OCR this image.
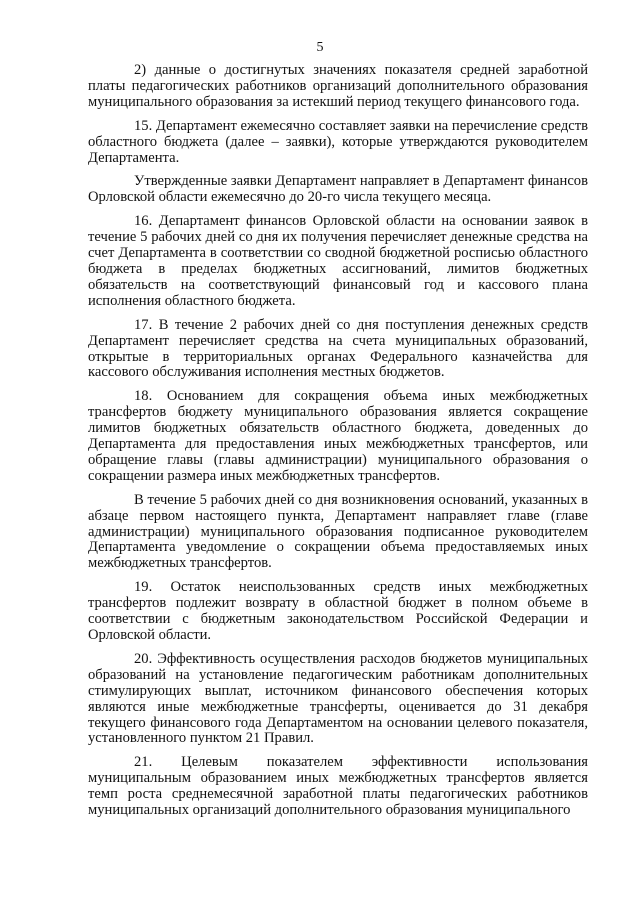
5

2) данные о достигнутых значениях показателя средней заработной платы педагогических работников организаций дополнительного образования муниципального образования за истекший период текущего финансового года.

15. Департамент ежемесячно составляет заявки на перечисление средств областного бюджета (далее – заявки), которые утверждаются руководителем Департамента.

Утвержденные заявки Департамент направляет в Департамент финансов Орловской области ежемесячно до 20-го числа текущего месяца.

16. Департамент финансов Орловской области на основании заявок в течение 5 рабочих дней со дня их получения перечисляет денежные средства на счет Департамента в соответствии со сводной бюджетной росписью областного бюджета в пределах бюджетных ассигнований, лимитов бюджетных обязательств на соответствующий финансовый год и кассового плана исполнения областного бюджета.

17. В течение 2 рабочих дней со дня поступления денежных средств Департамент перечисляет средства на счета муниципальных образований, открытые в территориальных органах Федерального казначейства для кассового обслуживания исполнения местных бюджетов.

18. Основанием для сокращения объема иных межбюджетных трансфертов бюджету муниципального образования является сокращение лимитов бюджетных обязательств областного бюджета, доведенных до Департамента для предоставления иных межбюджетных трансфертов, или обращение главы (главы администрации) муниципального образования о сокращении размера иных межбюджетных трансфертов.

В течение 5 рабочих дней со дня возникновения оснований, указанных в абзаце первом настоящего пункта, Департамент направляет главе (главе администрации) муниципального образования подписанное руководителем Департамента уведомление о сокращении объема предоставляемых иных межбюджетных трансфертов.

19. Остаток неиспользованных средств иных межбюджетных трансфертов подлежит возврату в областной бюджет в полном объеме в соответствии с бюджетным законодательством Российской Федерации и Орловской области.

20. Эффективность осуществления расходов бюджетов муниципальных образований на установление педагогическим работникам дополнительных стимулирующих выплат, источником финансового обеспечения которых являются иные межбюджетные трансферты, оценивается до 31 декабря текущего финансового года Департаментом на основании целевого показателя, установленного пунктом 21 Правил.

21. Целевым показателем эффективности использования муниципальным образованием иных межбюджетных трансфертов является темп роста среднемесячной заработной платы педагогических работников муниципальных организаций дополнительного образования муниципального
